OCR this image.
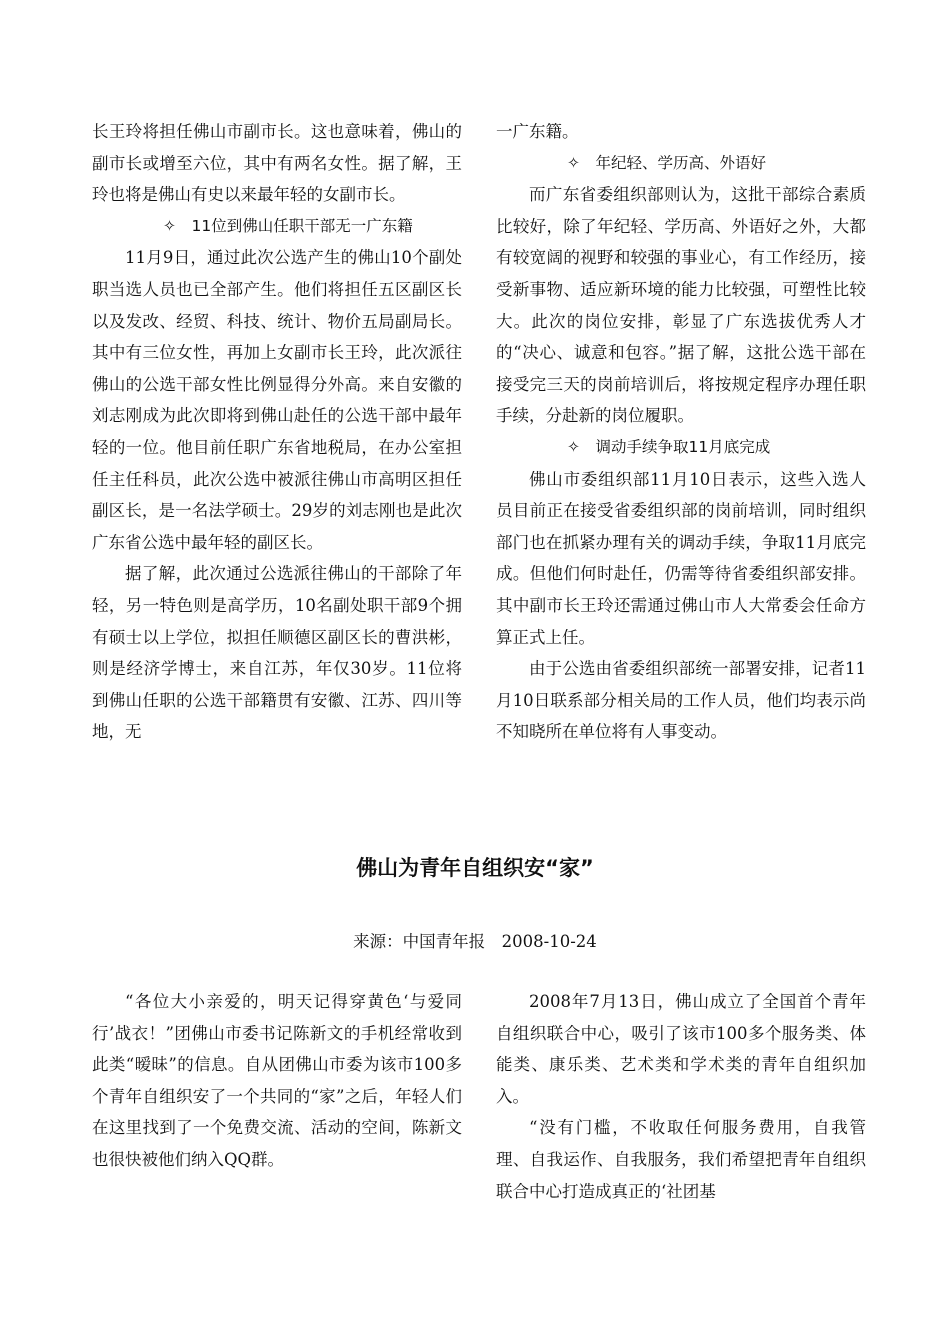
长王玲将担任佛山市副市长。这也意味着，佛山的副市长或增至六位，其中有两名女性。据了解，王玲也将是佛山有史以来最年轻的女副市长。

✧　11位到佛山任职干部无一广东籍

11月9日，通过此次公选产生的佛山10个副处职当选人员也已全部产生。他们将担任五区副区长以及发改、经贸、科技、统计、物价五局副局长。其中有三位女性，再加上女副市长王玲，此次派往佛山的公选干部女性比例显得分外高。来自安徽的刘志刚成为此次即将到佛山赴任的公选干部中最年轻的一位。他目前任职广东省地税局，在办公室担任主任科员，此次公选中被派往佛山市高明区担任副区长，是一名法学硕士。29岁的刘志刚也是此次广东省公选中最年轻的副区长。

据了解，此次通过公选派往佛山的干部除了年轻，另一特色则是高学历，10名副处职干部9个拥有硕士以上学位，拟担任顺德区副区长的曹洪彬，则是经济学博士，来自江苏，年仅30岁。11位将到佛山任职的公选干部籍贯有安徽、江苏、四川等地，无

一广东籍。

✧　年纪轻、学历高、外语好

而广东省委组织部则认为，这批干部综合素质比较好，除了年纪轻、学历高、外语好之外，大都有较宽阔的视野和较强的事业心，有工作经历，接受新事物、适应新环境的能力比较强，可塑性比较大。此次的岗位安排，彰显了广东选拔优秀人才的“决心、诚意和包容。”据了解，这批公选干部在接受完三天的岗前培训后，将按规定程序办理任职手续，分赴新的岗位履职。

✧　调动手续争取11月底完成

佛山市委组织部11月10日表示，这些入选人员目前正在接受省委组织部的岗前培训，同时组织部门也在抓紧办理有关的调动手续，争取11月底完成。但他们何时赴任，仍需等待省委组织部安排。其中副市长王玲还需通过佛山市人大常委会任命方算正式上任。

由于公选由省委组织部统一部署安排，记者11月10日联系部分相关局的工作人员，他们均表示尚不知晓所在单位将有人事变动。

佛山为青年自组织安“家”
来源：中国青年报　2008-10-24

“各位大小亲爱的，明天记得穿黄色‘与爱同行’战衣！”团佛山市委书记陈新文的手机经常收到此类“暧昧”的信息。自从团佛山市委为该市100多个青年自组织安了一个共同的“家”之后，年轻人们在这里找到了一个免费交流、活动的空间，陈新文也很快被他们纳入QQ群。

2008年7月13日，佛山成立了全国首个青年自组织联合中心，吸引了该市100多个服务类、体能类、康乐类、艺术类和学术类的青年自组织加入。

“没有门槛，不收取任何服务费用，自我管理、自我运作、自我服务，我们希望把青年自组织联合中心打造成真正的‘社团基
